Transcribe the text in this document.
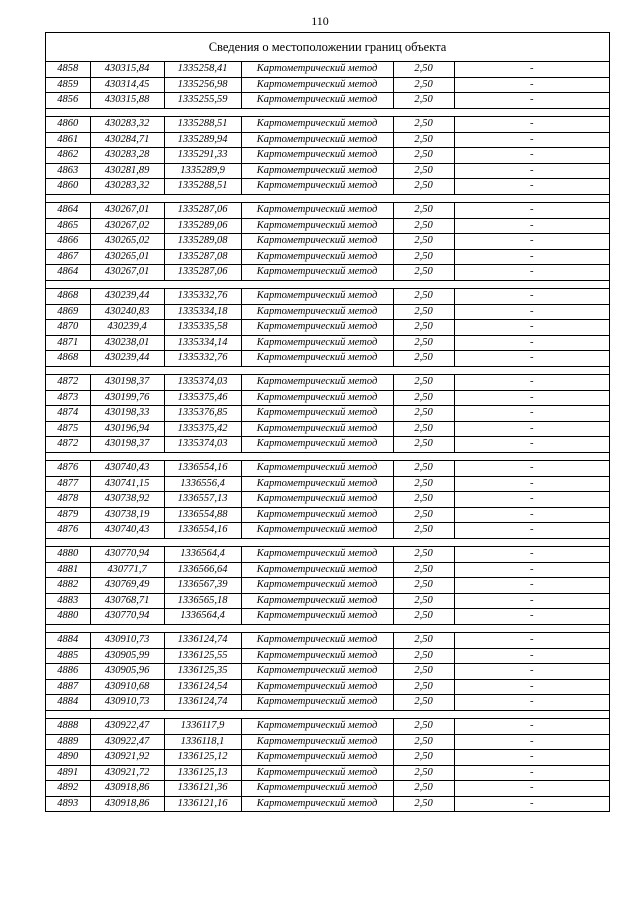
110
Сведения о местоположении границ объекта
4858	430315,84	1335258,41	Картометрический метод	2,50	-
4859	430314,45	1335256,98	Картометрический метод	2,50	-
4856	430315,88	1335255,59	Картометрический метод	2,50	-

4860	430283,32	1335288,51	Картометрический метод	2,50	-
4861	430284,71	1335289,94	Картометрический метод	2,50	-
4862	430283,28	1335291,33	Картометрический метод	2,50	-
4863	430281,89	1335289,9	Картометрический метод	2,50	-
4860	430283,32	1335288,51	Картометрический метод	2,50	-

4864	430267,01	1335287,06	Картометрический метод	2,50	-
4865	430267,02	1335289,06	Картометрический метод	2,50	-
4866	430265,02	1335289,08	Картометрический метод	2,50	-
4867	430265,01	1335287,08	Картометрический метод	2,50	-
4864	430267,01	1335287,06	Картометрический метод	2,50	-

4868	430239,44	1335332,76	Картометрический метод	2,50	-
4869	430240,83	1335334,18	Картометрический метод	2,50	-
4870	430239,4	1335335,58	Картометрический метод	2,50	-
4871	430238,01	1335334,14	Картометрический метод	2,50	-
4868	430239,44	1335332,76	Картометрический метод	2,50	-

4872	430198,37	1335374,03	Картометрический метод	2,50	-
4873	430199,76	1335375,46	Картометрический метод	2,50	-
4874	430198,33	1335376,85	Картометрический метод	2,50	-
4875	430196,94	1335375,42	Картометрический метод	2,50	-
4872	430198,37	1335374,03	Картометрический метод	2,50	-

4876	430740,43	1336554,16	Картометрический метод	2,50	-
4877	430741,15	1336556,4	Картометрический метод	2,50	-
4878	430738,92	1336557,13	Картометрический метод	2,50	-
4879	430738,19	1336554,88	Картометрический метод	2,50	-
4876	430740,43	1336554,16	Картометрический метод	2,50	-

4880	430770,94	1336564,4	Картометрический метод	2,50	-
4881	430771,7	1336566,64	Картометрический метод	2,50	-
4882	430769,49	1336567,39	Картометрический метод	2,50	-
4883	430768,71	1336565,18	Картометрический метод	2,50	-
4880	430770,94	1336564,4	Картометрический метод	2,50	-

4884	430910,73	1336124,74	Картометрический метод	2,50	-
4885	430905,99	1336125,55	Картометрический метод	2,50	-
4886	430905,96	1336125,35	Картометрический метод	2,50	-
4887	430910,68	1336124,54	Картометрический метод	2,50	-
4884	430910,73	1336124,74	Картометрический метод	2,50	-

4888	430922,47	1336117,9	Картометрический метод	2,50	-
4889	430922,47	1336118,1	Картометрический метод	2,50	-
4890	430921,92	1336125,12	Картометрический метод	2,50	-
4891	430921,72	1336125,13	Картометрический метод	2,50	-
4892	430918,86	1336121,36	Картометрический метод	2,50	-
4893	430918,86	1336121,16	Картометрический метод	2,50	-
